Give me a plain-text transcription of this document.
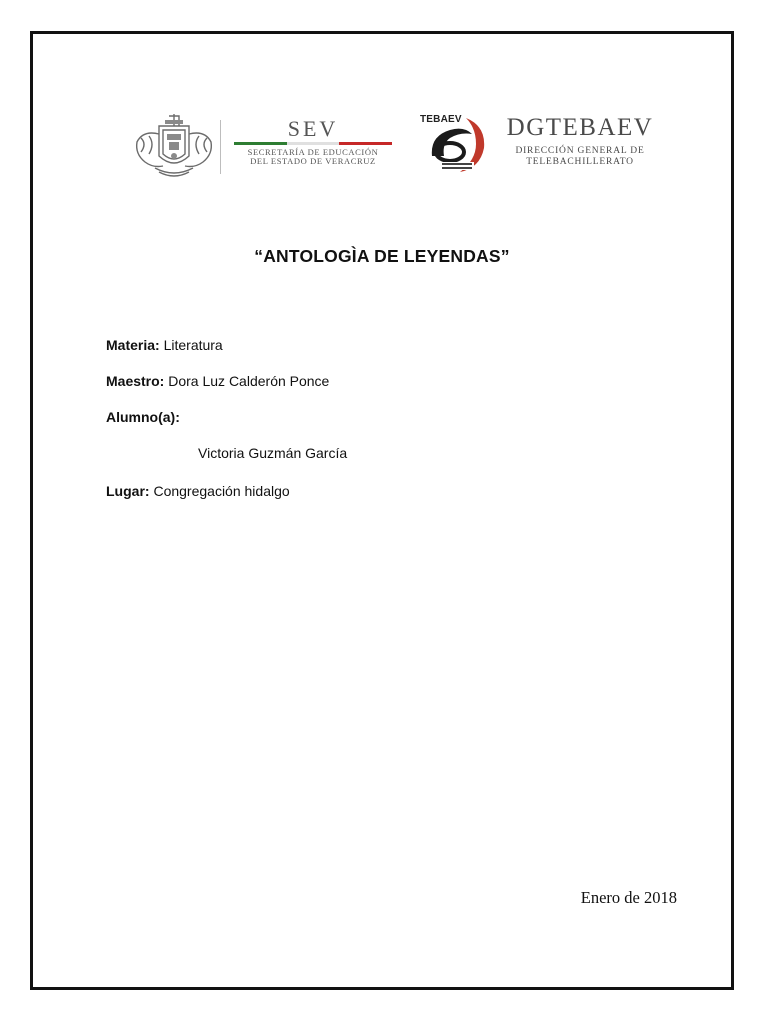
SEV
SECRETARÍA DE EDUCACIÓN
DEL ESTADO DE VERACRUZ
TEBAEV DGTEBAEV
DIRECCIÓN GENERAL DE
TELEBACHILLERATO
“ANTOLOGÌA DE LEYENDAS”
Materia: Literatura
Maestro: Dora Luz Calderón Ponce
Alumno(a):
Victoria Guzmán García
Lugar: Congregación hidalgo
Enero de 2018
